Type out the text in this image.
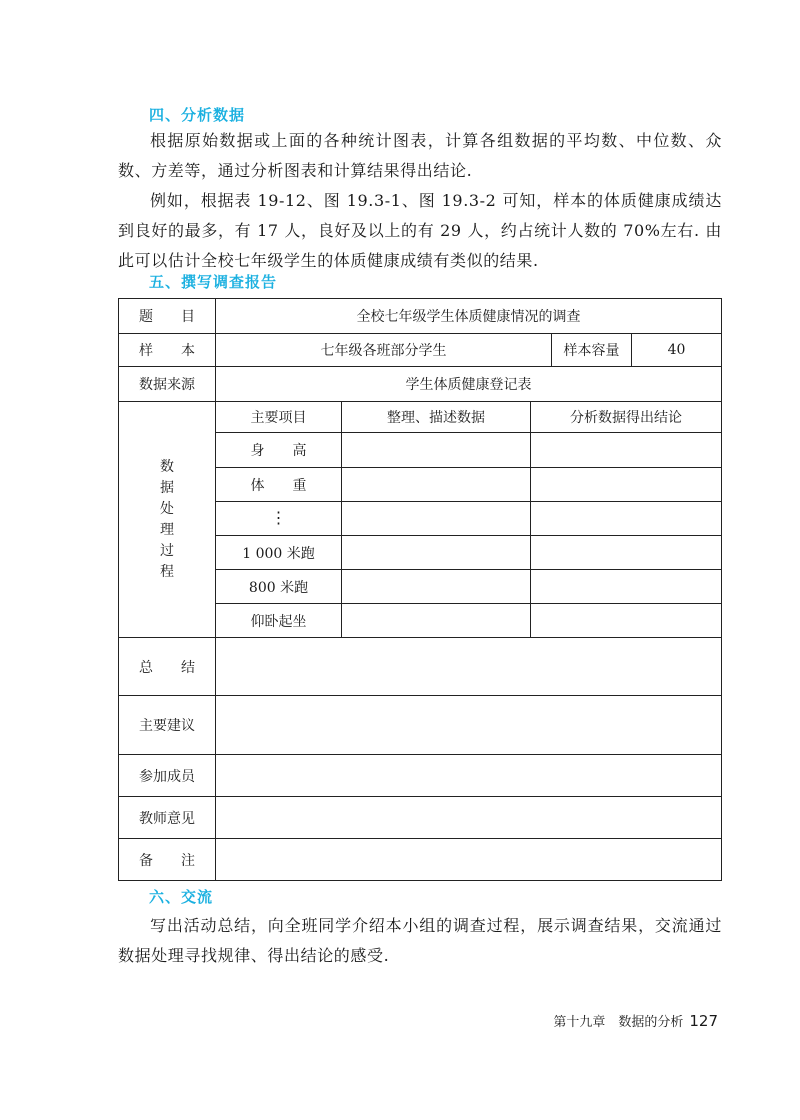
四、分析数据

根据原始数据或上面的各种统计图表，计算各组数据的平均数、中位数、众数、方差等，通过分析图表和计算结果得出结论.

例如，根据表 19-12、图 19.3-1、图 19.3-2 可知，样本的体质健康成绩达到良好的最多，有 17 人，良好及以上的有 29 人，约占统计人数的 70%左右. 由此可以估计全校七年级学生的体质健康成绩有类似的结果.

五、撰写调查报告
题　　目	全校七年级学生体质健康情况的调查				
样　　本	七年级各班部分学生			样本容量	40
数据来源	学生体质健康登记表				
数据处理过程	主要项目	整理、描述数据	分析数据得出结论		
	身　　高				
	体　　重				
	⋮				
	1 000 米跑				
	800 米跑				
	仰卧起坐				
总　　结					
主要建议					
参加成员					
教师意见					
备　　注					
六、交流

写出活动总结，向全班同学介绍本小组的调查过程，展示调查结果，交流通过数据处理寻找规律、得出结论的感受.

第十九章　数据的分析 127
